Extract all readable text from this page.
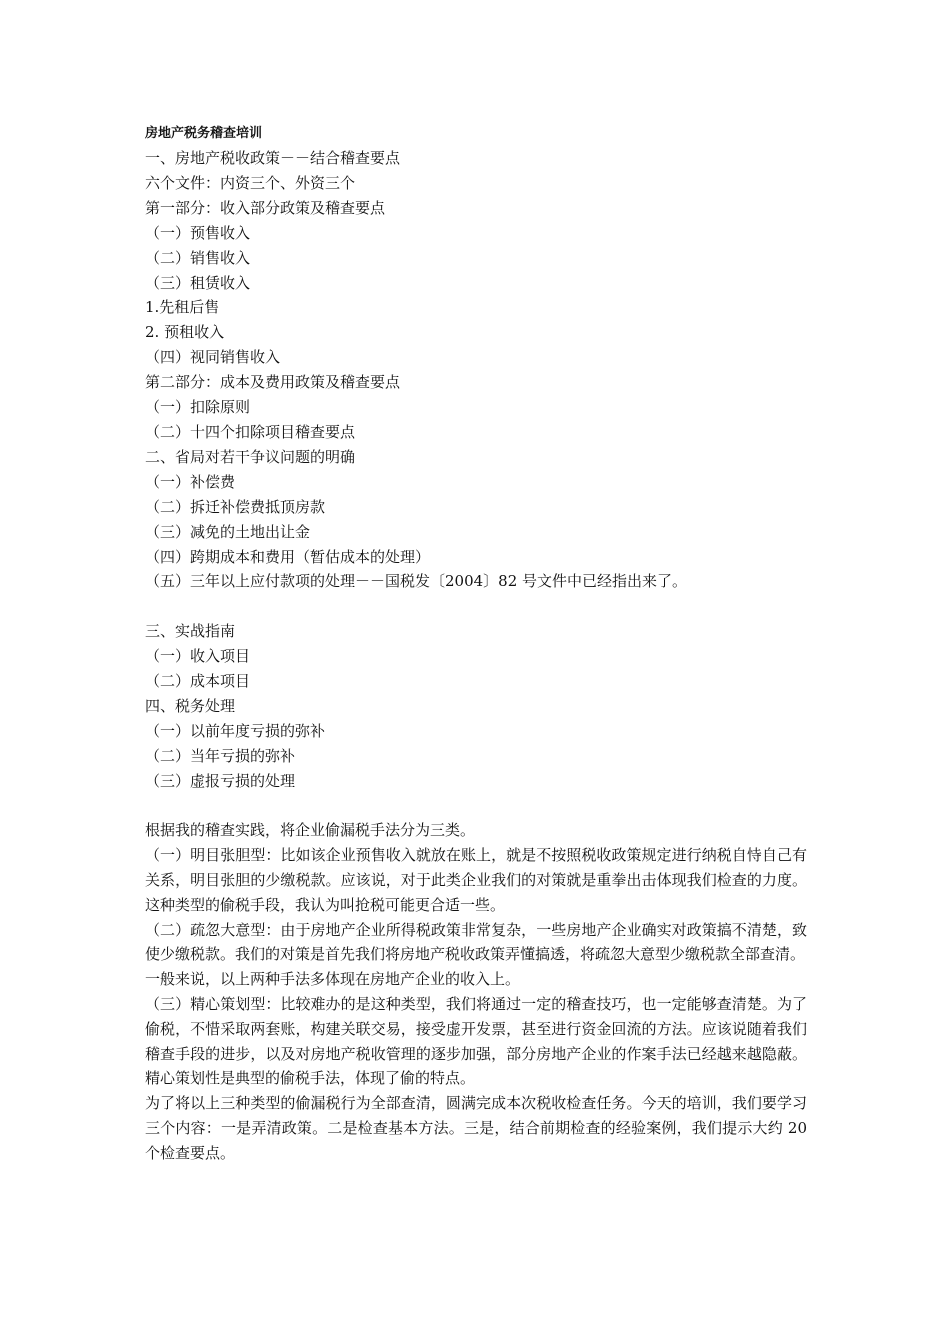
房地产税务稽查培训

一、房地产税收政策－－结合稽查要点

六个文件：内资三个、外资三个

第一部分：收入部分政策及稽查要点

（一）预售收入

（二）销售收入

（三）租赁收入

1.先租后售

2. 预租收入

（四）视同销售收入

第二部分：成本及费用政策及稽查要点

（一）扣除原则

（二）十四个扣除项目稽查要点

二、省局对若干争议问题的明确

（一）补偿费

（二）拆迁补偿费抵顶房款

（三）减免的土地出让金

（四）跨期成本和费用（暂估成本的处理）

（五）三年以上应付款项的处理－－国税发〔2004〕82 号文件中已经指出来了。

三、实战指南

（一）收入项目

（二）成本项目

四、税务处理

（一）以前年度亏损的弥补

（二）当年亏损的弥补

（三）虚报亏损的处理

根据我的稽查实践，将企业偷漏税手法分为三类。

（一）明目张胆型：比如该企业预售收入就放在账上，就是不按照税收政策规定进行纳税自恃自己有关系，明目张胆的少缴税款。应该说，对于此类企业我们的对策就是重拳出击体现我们检查的力度。这种类型的偷税手段，我认为叫抢税可能更合适一些。

（二）疏忽大意型：由于房地产企业所得税政策非常复杂，一些房地产企业确实对政策搞不清楚，致使少缴税款。我们的对策是首先我们将房地产税收政策弄懂搞透，将疏忽大意型少缴税款全部查清。

一般来说，以上两种手法多体现在房地产企业的收入上。

（三）精心策划型：比较难办的是这种类型，我们将通过一定的稽查技巧，也一定能够查清楚。为了偷税，不惜采取两套账，构建关联交易，接受虚开发票，甚至进行资金回流的方法。应该说随着我们稽查手段的进步，以及对房地产税收管理的逐步加强，部分房地产企业的作案手法已经越来越隐蔽。精心策划性是典型的偷税手法，体现了偷的特点。

为了将以上三种类型的偷漏税行为全部查清，圆满完成本次税收检查任务。今天的培训，我们要学习三个内容：一是弄清政策。二是检查基本方法。三是，结合前期检查的经验案例，我们提示大约 20 个检查要点。
